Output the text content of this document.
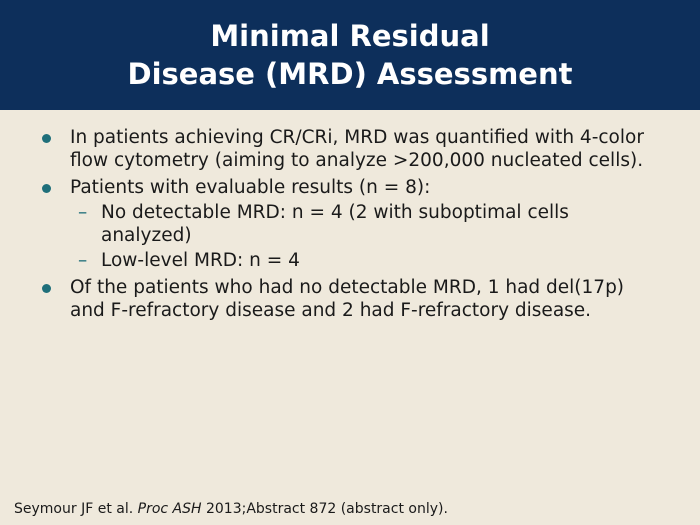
Minimal Residual
Disease (MRD) Assessment
In patients achieving CR/CRi, MRD was quantified with 4-color flow cytometry (aiming to analyze >200,000 nucleated cells).
Patients with evaluable results (n = 8):
– No detectable MRD: n = 4 (2 with suboptimal cells analyzed)
– Low-level MRD: n = 4
Of the patients who had no detectable MRD, 1 had del(17p) and F-refractory disease and 2 had F-refractory disease.
Seymour JF et al. Proc ASH 2013;Abstract 872 (abstract only).
